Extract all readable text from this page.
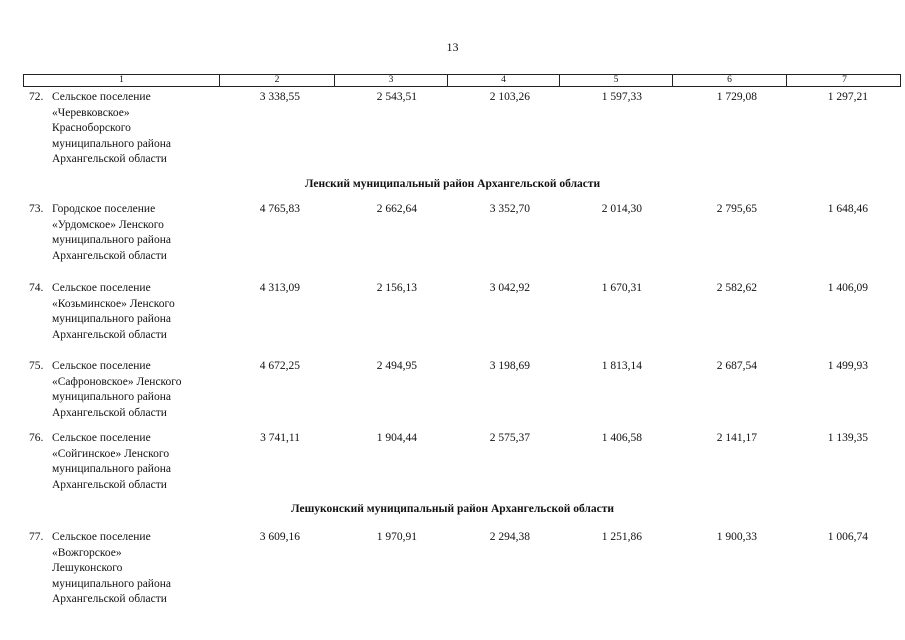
13
1	2	3	4	5	6	7
72. Сельское поселение
«Черевковское»
Красноборского
муниципального района
Архангельской области
3 338,55	2 543,51	2 103,26	1 597,33	1 729,08	1 297,21
Ленский муниципальный район Архангельской области
73. Городское поселение
«Урдомское» Ленского
муниципального района
Архангельской области
4 765,83	2 662,64	3 352,70	2 014,30	2 795,65	1 648,46
74. Сельское поселение
«Козьминское» Ленского
муниципального района
Архангельской области
4 313,09	2 156,13	3 042,92	1 670,31	2 582,62	1 406,09
75. Сельское поселение
«Сафроновское» Ленского
муниципального района
Архангельской области
4 672,25	2 494,95	3 198,69	1 813,14	2 687,54	1 499,93
76. Сельское поселение
«Сойгинское» Ленского
муниципального района
Архангельской области
3 741,11	1 904,44	2 575,37	1 406,58	2 141,17	1 139,35
Лешуконский муниципальный район Архангельской области
77. Сельское поселение
«Вожгорское»
Лешуконского
муниципального района
Архангельской области
3 609,16	1 970,91	2 294,38	1 251,86	1 900,33	1 006,74
